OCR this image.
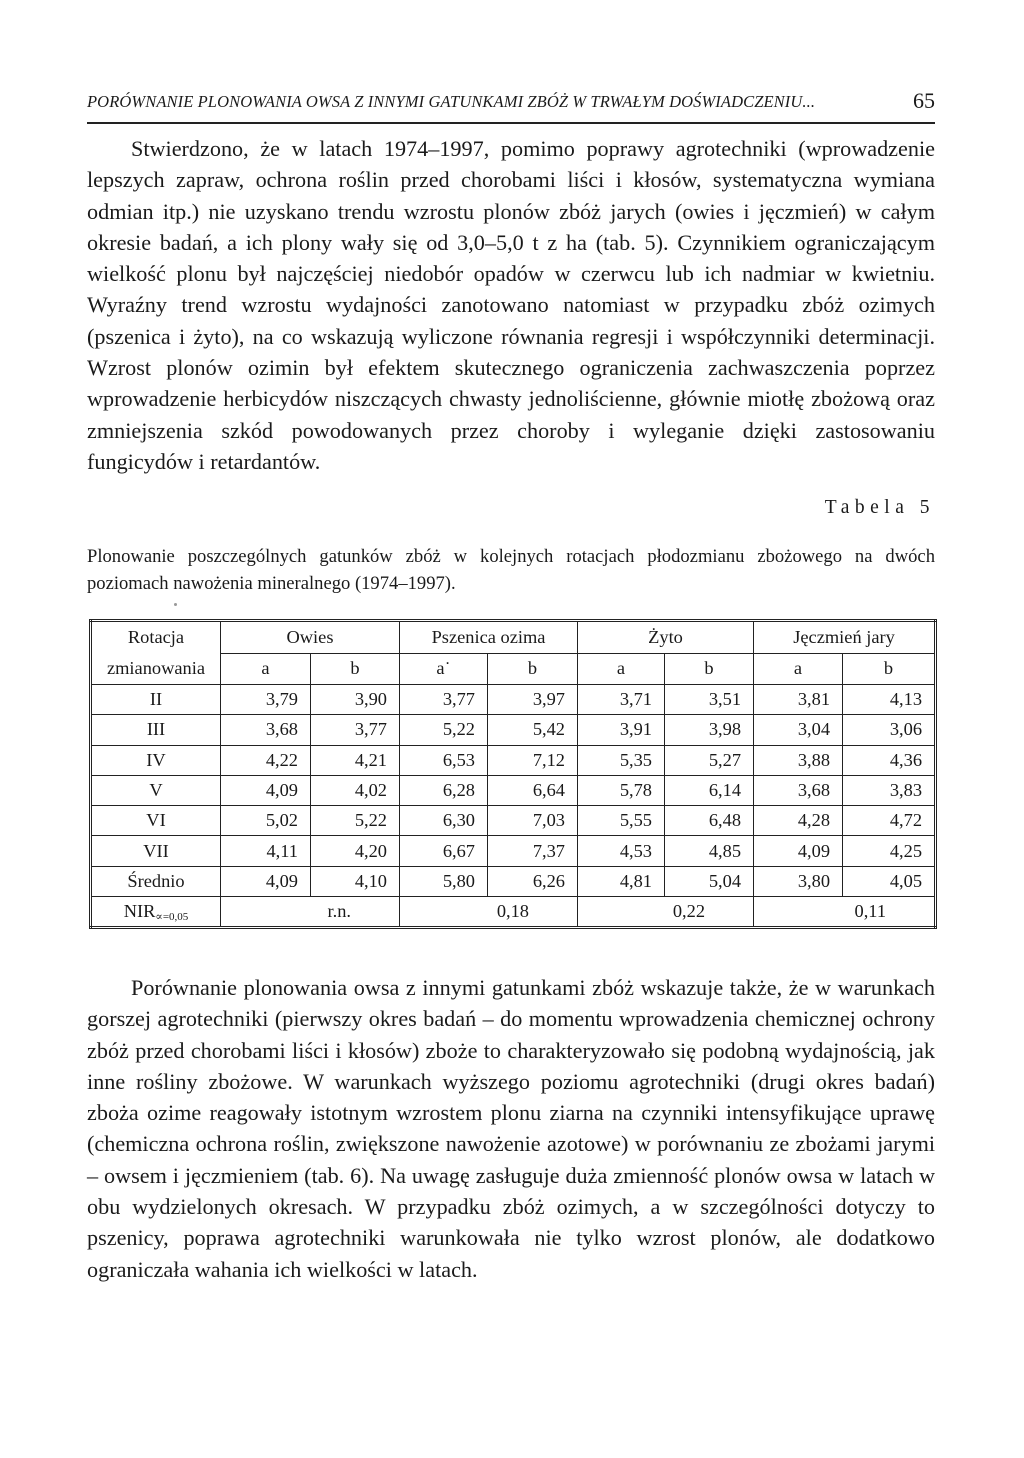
PORÓWNANIE PLONOWANIA OWSA Z INNYMI GATUNKAMI ZBÓŻ W TRWAŁYM DOŚWIADCZENIU...	65

Stwierdzono, że w latach 1974–1997, pomimo poprawy agrotechniki (wprowadzenie lepszych zapraw, ochrona roślin przed chorobami liści i kłosów, systematyczna wymiana odmian itp.) nie uzyskano trendu wzrostu plonów zbóż jarych (owies i jęczmień) w całym okresie badań, a ich plony wały się od 3,0–5,0 t z ha (tab. 5). Czynnikiem ograniczającym wielkość plonu był najczęściej niedobór opadów w czerwcu lub ich nadmiar w kwietniu. Wyraźny trend wzrostu wydajności zanotowano natomiast w przypadku zbóż ozimych (pszenica i żyto), na co wskazują wyliczone równania regresji i współczynniki determinacji. Wzrost plonów ozimin był efektem skutecznego ograniczenia zachwaszczenia poprzez wprowadzenie herbicydów niszczących chwasty jednoliścienne, głównie miotłę zbożową oraz zmniejszenia szkód powodowanych przez choroby i wyleganie dzięki zastosowaniu fungicydów i retardantów.

Tabela 5

Plonowanie poszczególnych gatunków zbóż w kolejnych rotacjach płodozmianu zbożowego na dwóch poziomach nawożenia mineralnego (1974–1997).

Rotacja
zmianowania	Owies		Pszenica ozima		Żyto		Jęczmień jary	
	a	b	a˙	b	a	b	a	b
II	3,79	3,90	3,77	3,97	3,71	3,51	3,81	4,13
III	3,68	3,77	5,22	5,42	3,91	3,98	3,04	3,06
IV	4,22	4,21	6,53	7,12	5,35	5,27	3,88	4,36
V	4,09	4,02	6,28	6,64	5,78	6,14	3,68	3,83
VI	5,02	5,22	6,30	7,03	5,55	6,48	4,28	4,72
VII	4,11	4,20	6,67	7,37	4,53	4,85	4,09	4,25
Średnio	4,09	4,10	5,80	6,26	4,81	5,04	3,80	4,05
NIR∝=0,05	r.n.		0,18		0,22		0,11	

Porównanie plonowania owsa z innymi gatunkami zbóż wskazuje także, że w warunkach gorszej agrotechniki (pierwszy okres badań – do momentu wprowadzenia chemicznej ochrony zbóż przed chorobami liści i kłosów) zboże to charakteryzowało się podobną wydajnością, jak inne rośliny zbożowe. W warunkach wyższego poziomu agrotechniki (drugi okres badań) zboża ozime reagowały istotnym wzrostem plonu ziarna na czynniki intensyfikujące uprawę (chemiczna ochrona roślin, zwiększone nawożenie azotowe) w porównaniu ze zbożami jarymi – owsem i jęczmieniem (tab. 6). Na uwagę zasługuje duża zmienność plonów owsa w latach w obu wydzielonych okresach. W przypadku zbóż ozimych, a w szczególności dotyczy to pszenicy, poprawa agrotechniki warunkowała nie tylko wzrost plonów, ale dodatkowo ograniczała wahania ich wielkości w latach.
